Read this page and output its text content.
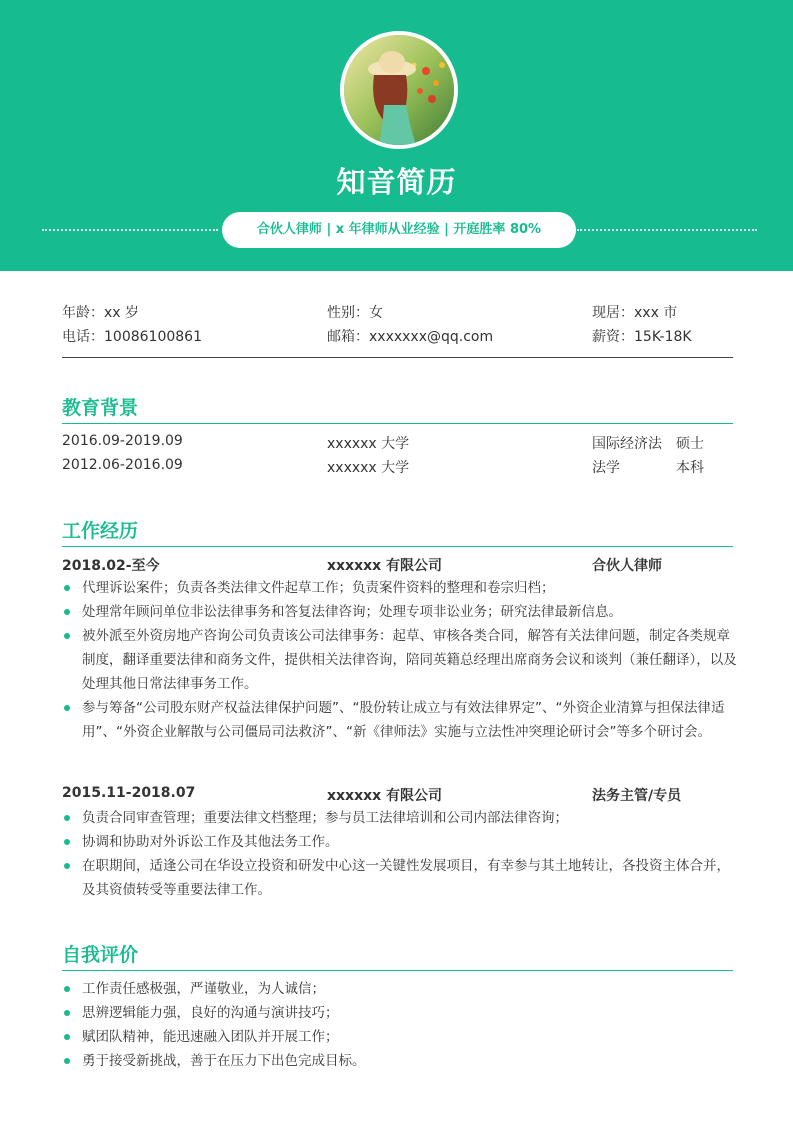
知音简历
合伙人律师 | x 年律师从业经验 | 开庭胜率 80%
年龄：xx 岁	性别：女	现居：xxx 市
电话：10086100861	邮箱：xxxxxxx@qq.com	薪资：15K-18K
教育背景
2016.09-2019.09	xxxxxx 大学	国际经济法 硕士
2012.06-2016.09	xxxxxx 大学	法学	本科
工作经历
2018.02-至今	xxxxxx 有限公司	合伙人律师
代理诉讼案件；负责各类法律文件起草工作；负责案件资料的整理和卷宗归档；
处理常年顾问单位非讼法律事务和答复法律咨询；处理专项非讼业务；研究法律最新信息。
被外派至外资房地产咨询公司负责该公司法律事务：起草、审核各类合同，解答有关法律问题，制定各类规章制度，翻译重要法律和商务文件，提供相关法律咨询，陪同英籍总经理出席商务会议和谈判（兼任翻译），以及处理其他日常法律事务工作。
参与筹备“公司股东财产权益法律保护问题”、“股份转让成立与有效法律界定”、“外资企业清算与担保法律适用”、“外资企业解散与公司僵局司法救济”、“新《律师法》实施与立法性冲突理论研讨会”等多个研讨会。
2015.11-2018.07	xxxxxx 有限公司	法务主管/专员
负责合同审查管理；重要法律文档整理；参与员工法律培训和公司内部法律咨询；
协调和协助对外诉讼工作及其他法务工作。
在职期间，适逢公司在华设立投资和研发中心这一关键性发展项目，有幸参与其土地转让，各投资主体合并，及其资债转受等重要法律工作。
自我评价
工作责任感极强，严谨敬业，为人诚信；
思辨逻辑能力强，良好的沟通与演讲技巧；
赋团队精神，能迅速融入团队并开展工作；
勇于接受新挑战，善于在压力下出色完成目标。
